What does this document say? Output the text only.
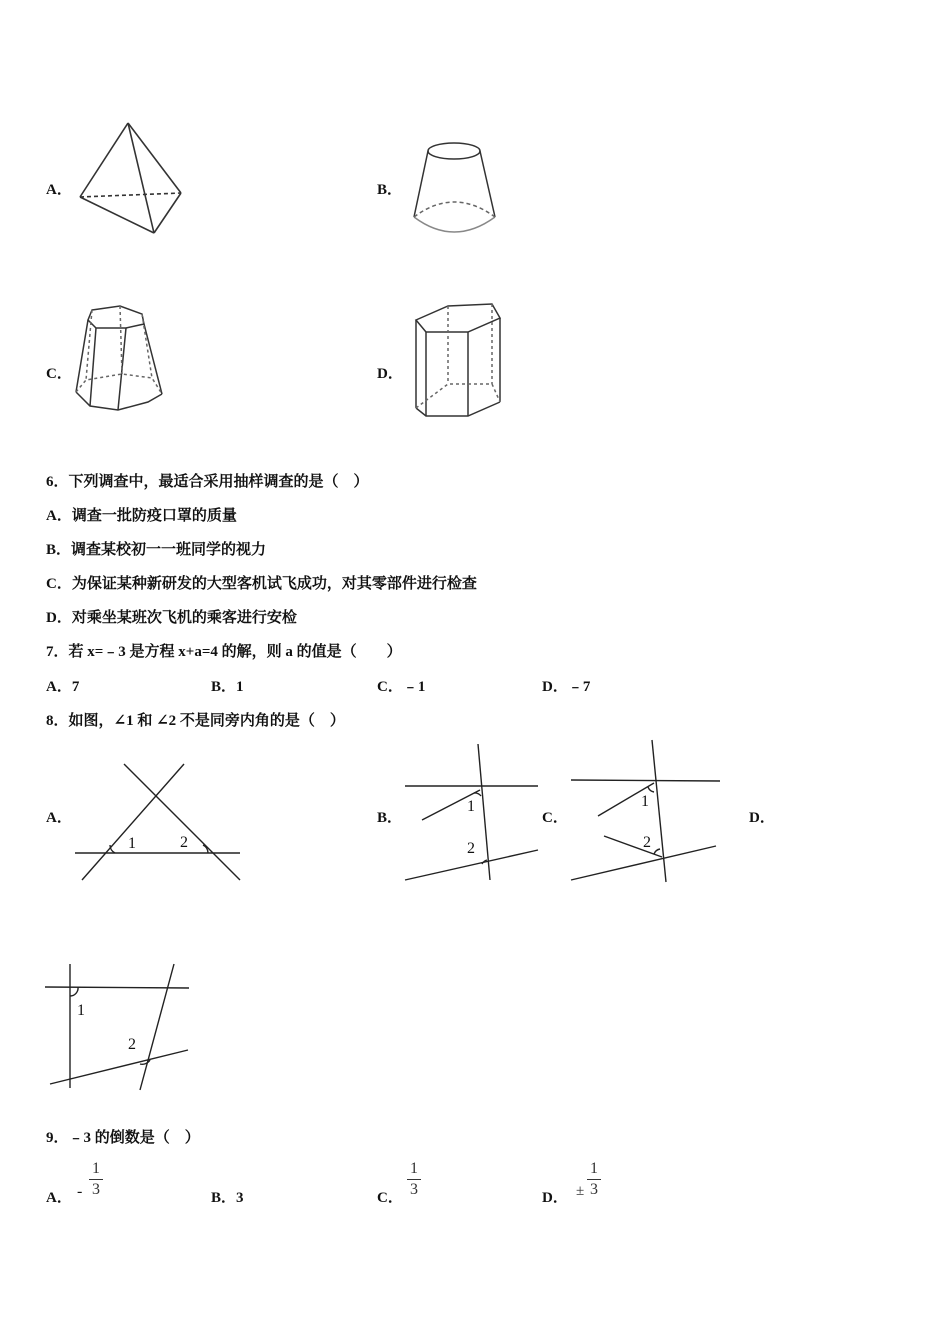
A．	B．
C．	D．
6．下列调查中，最适合采用抽样调查的是（　）
A．调查一批防疫口罩的质量
B．调查某校初一一班同学的视力
C．为保证某种新研发的大型客机试飞成功，对其零部件进行检查
D．对乘坐某班次飞机的乘客进行安检
7．若 x=﹣3 是方程 x+a=4 的解，则 a 的值是（　　）
A．7	B．1	C．﹣1	D．﹣7
8．如图，∠1 和 ∠2 不是同旁内角的是（　）
A．
1	2
B．
1
2
C．
1
2
D．
1
2
9．﹣3 的倒数是（　）
A． -
1
3	B．3	C．
1
3	D． ±
1
3
